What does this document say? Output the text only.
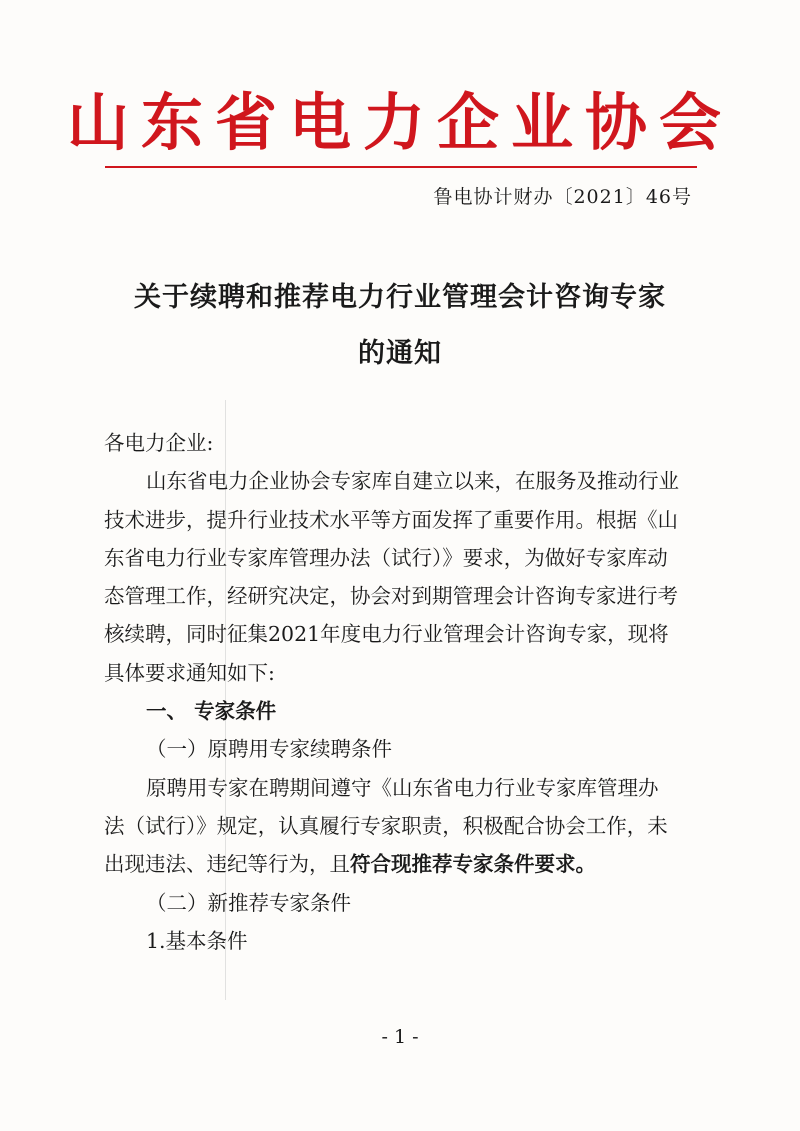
山东省电力企业协会
鲁电协计财办〔2021〕46号
关于续聘和推荐电力行业管理会计咨询专家
的通知
各电力企业:
山东省电力企业协会专家库自建立以来，在服务及推动行业
技术进步，提升行业技术水平等方面发挥了重要作用。根据《山
东省电力行业专家库管理办法（试行）》要求，为做好专家库动
态管理工作，经研究决定，协会对到期管理会计咨询专家进行考
核续聘，同时征集2021年度电力行业管理会计咨询专家，现将
具体要求通知如下:
一、 专家条件
（一）原聘用专家续聘条件
原聘用专家在聘期间遵守《山东省电力行业专家库管理办
法（试行）》规定，认真履行专家职责，积极配合协会工作，未
出现违法、违纪等行为，且符合现推荐专家条件要求。
（二）新推荐专家条件
1.基本条件
- 1 -
